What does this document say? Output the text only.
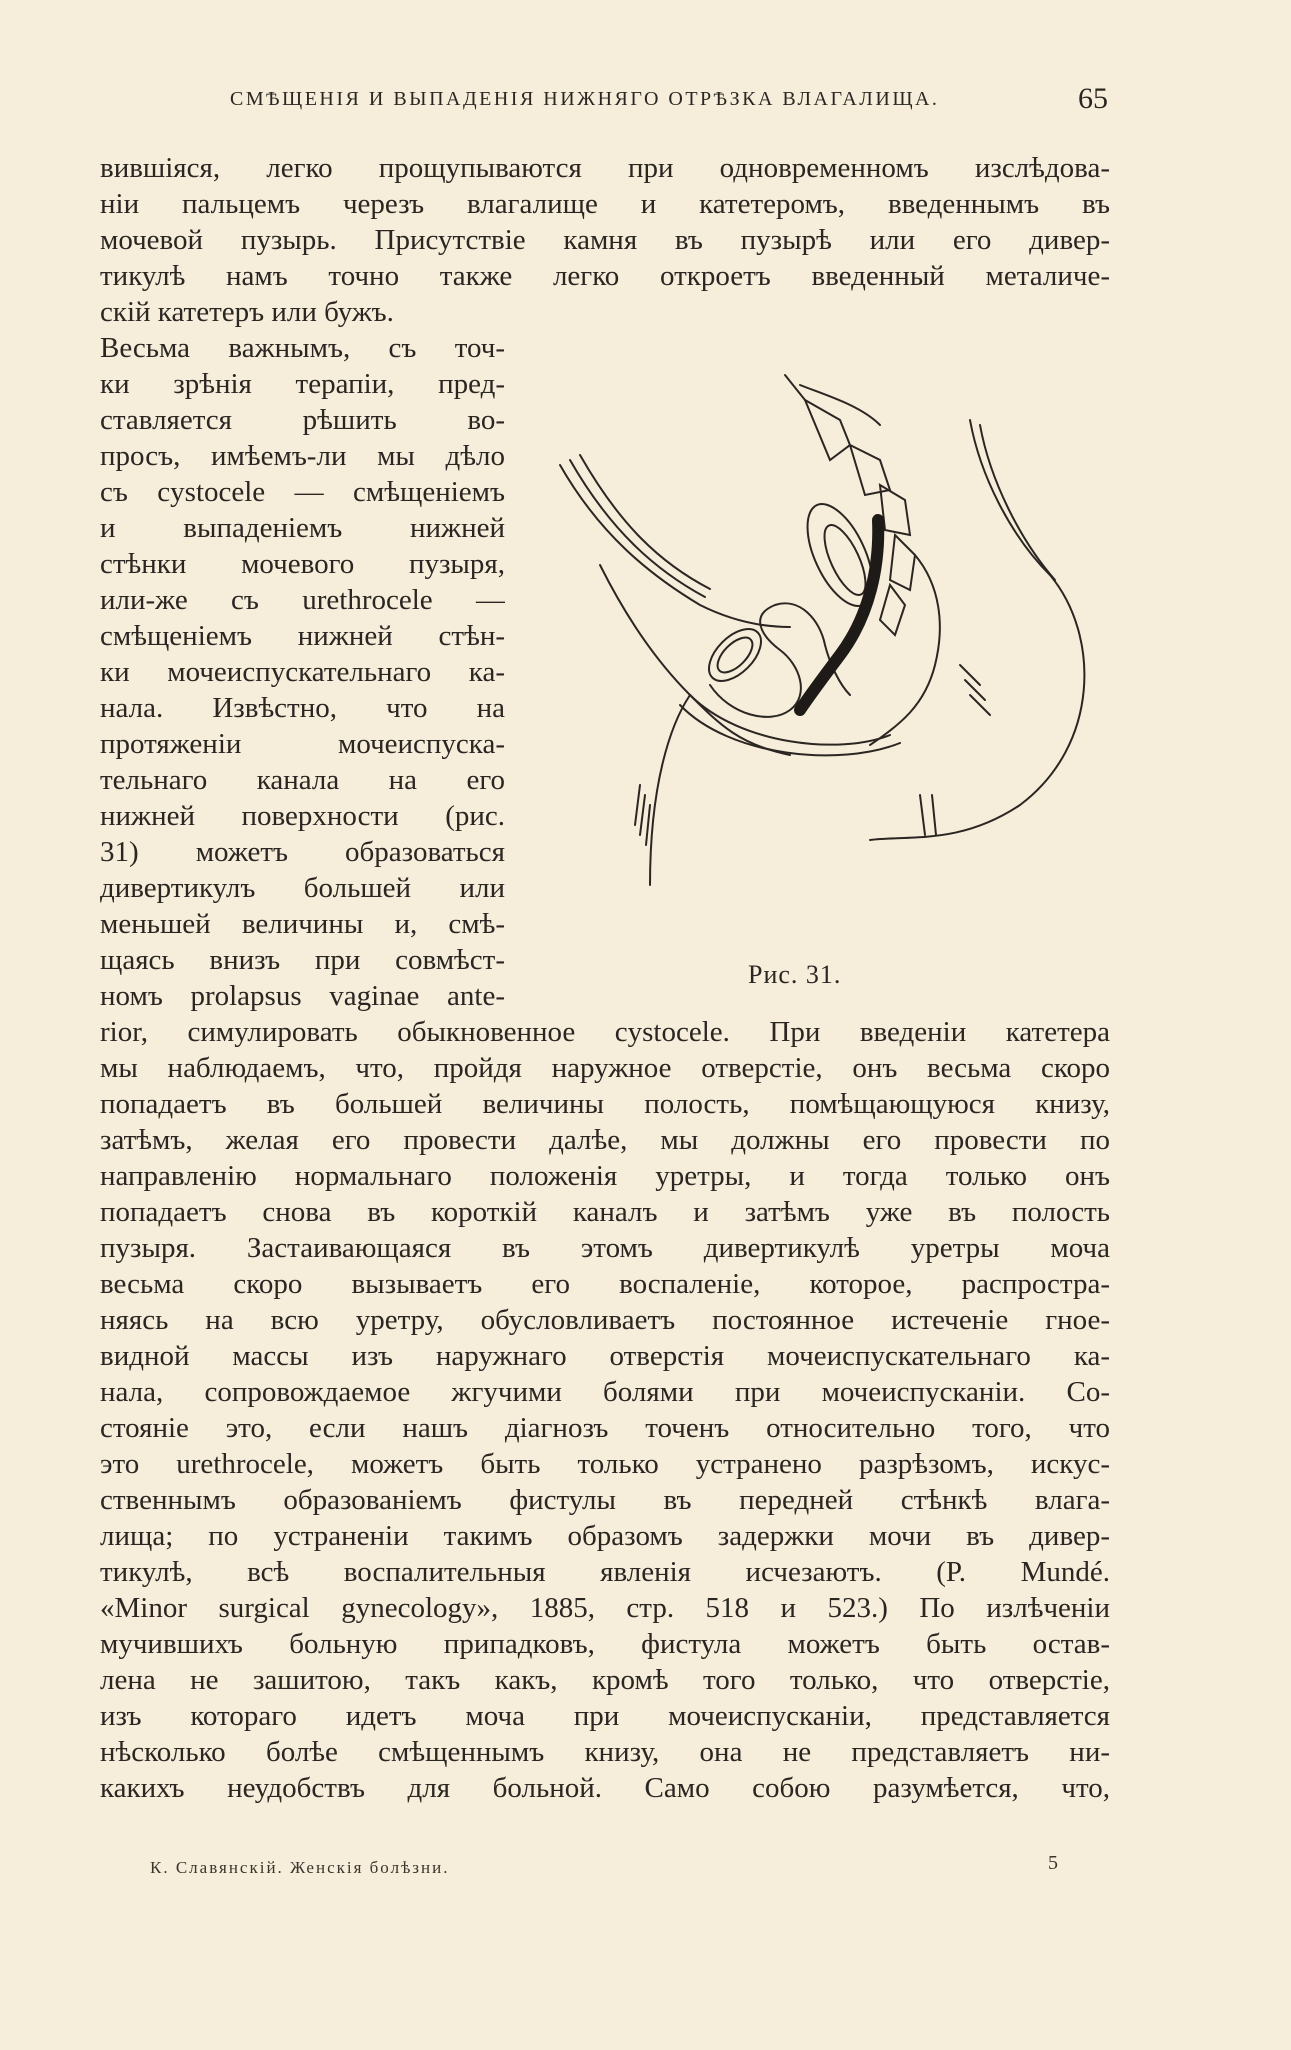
СМѢЩЕНІЯ И ВЫПАДЕНІЯ НИЖНЯГО ОТРѢЗКА ВЛАГАЛИЩА.	65
вившіяся, легко прощупываются при одновременномъ изслѣдова-
ніи пальцемъ черезъ влагалище и катетеромъ, введеннымъ въ
мочевой пузырь. Присутствіе камня въ пузырѣ или его дивер-
тикулѣ намъ точно также легко откроетъ введенный металиче-
скій катетеръ или бужъ.
Весьма важнымъ, съ точ-
ки зрѣнія терапіи, пред-
ставляется рѣшить во-
просъ, имѣемъ-ли мы дѣло
съ cystocele — смѣщеніемъ
и выпаденіемъ нижней
стѣнки мочевого пузыря,
или-же съ urethrocele —
смѣщеніемъ нижней стѣн-
ки мочеиспускательнаго ка-
нала. Извѣстно, что на
протяженіи мочеиспуска-
тельнаго канала на его
нижней поверхности (рис.
31) можетъ образоваться
дивертикулъ большей или
меньшей величины и, смѣ-
щаясь внизъ при совмѣст-
номъ prolapsus vaginae ante-
Рис. 31.
rior, симулировать обыкновенное cystocele. При введеніи катетера
мы наблюдаемъ, что, пройдя наружное отверстіе, онъ весьма скоро
попадаетъ въ большей величины полость, помѣщающуюся книзу,
затѣмъ, желая его провести далѣе, мы должны его провести по
направленію нормальнаго положенія уретры, и тогда только онъ
попадаетъ снова въ короткій каналъ и затѣмъ уже въ полость
пузыря. Застаивающаяся въ этомъ дивертикулѣ уретры моча
весьма скоро вызываетъ его воспаленіе, которое, распростра-
няясь на всю уретру, обусловливаетъ постоянное истеченіе гное-
видной массы изъ наружнаго отверстія мочеиспускательнаго ка-
нала, сопровождаемое жгучими болями при мочеиспусканіи. Со-
стояніе это, если нашъ діагнозъ точенъ относительно того, что
это urethrocele, можетъ быть только устранено разрѣзомъ, искус-
ственнымъ образованіемъ фистулы въ передней стѣнкѣ влага-
лища; по устраненіи такимъ образомъ задержки мочи въ дивер-
тикулѣ, всѣ воспалительныя явленія исчезаютъ. (P. Mundé.
«Minor surgical gynecology», 1885, стр. 518 и 523.) По излѣченіи
мучившихъ больную припадковъ, фистула можетъ быть остав-
лена не зашитою, такъ какъ, кромѣ того только, что отверстіе,
изъ котораго идетъ моча при мочеиспусканіи, представляется
нѣсколько болѣе смѣщеннымъ книзу, она не представляетъ ни-
какихъ неудобствъ для больной. Само собою разумѣется, что,
К. Славянскій. Женскія болѣзни.	5
